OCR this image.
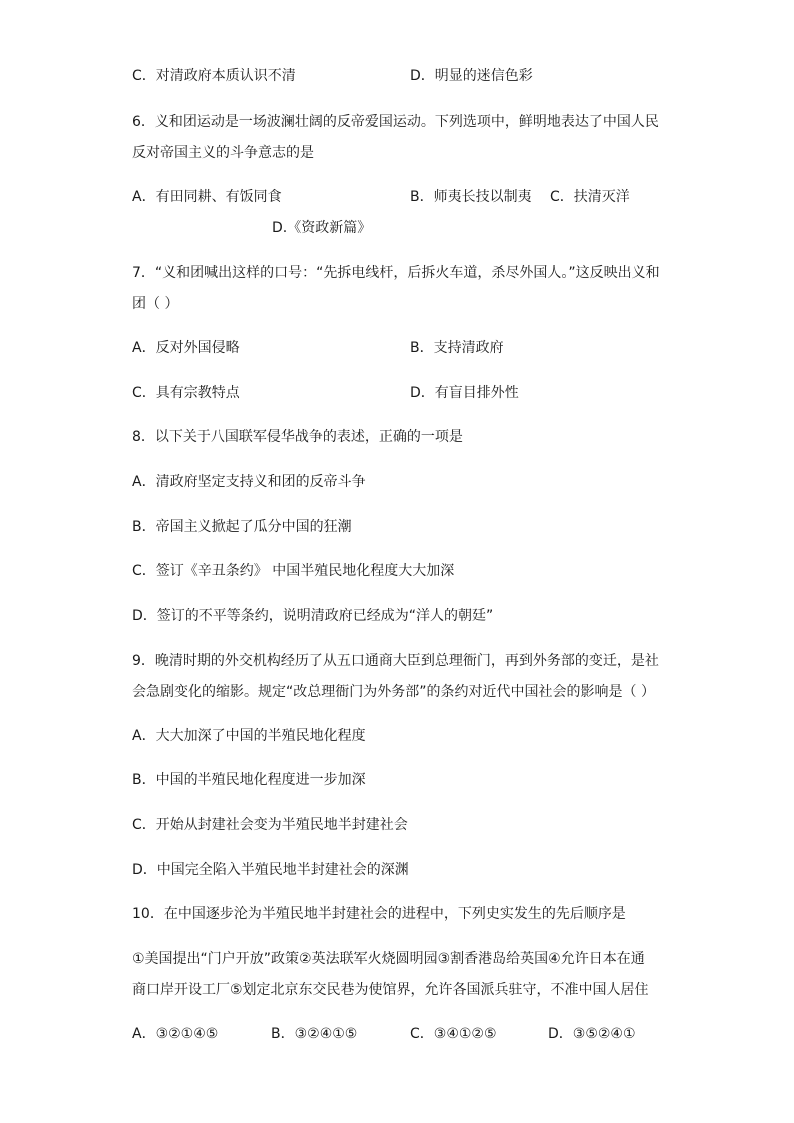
C．对清政府本质认识不清	D．明显的迷信色彩
6．义和团运动是一场波澜壮阔的反帝爱国运动。下列选项中，鲜明地表达了中国人民
反对帝国主义的斗争意志的是
A．有田同耕、有饭同食	B．师夷长技以制夷 C．扶清灭洋
D.《资政新篇》
7．“义和团喊出这样的口号：“先拆电线杆，后拆火车道，杀尽外国人。”这反映出义和
团（ ）
A．反对外国侵略	B．支持清政府
C．具有宗教特点	D．有盲目排外性
8．以下关于八国联军侵华战争的表述，正确的一项是
A．清政府坚定支持义和团的反帝斗争
B．帝国主义掀起了瓜分中国的狂潮
C．签订《辛丑条约》 中国半殖民地化程度大大加深
D．签订的不平等条约，说明清政府已经成为“洋人的朝廷”
9．晚清时期的外交机构经历了从五口通商大臣到总理衙门，再到外务部的变迁，是社
会急剧变化的缩影。规定“改总理衙门为外务部”的条约对近代中国社会的影响是（ ）
A．大大加深了中国的半殖民地化程度
B．中国的半殖民地化程度进一步加深
C．开始从封建社会变为半殖民地半封建社会
D．中国完全陷入半殖民地半封建社会的深渊
10．在中国逐步沦为半殖民地半封建社会的进程中，下列史实发生的先后顺序是
①美国提出“门户开放”政策②英法联军火烧圆明园③割香港岛给英国④允许日本在通
商口岸开设工厂⑤划定北京东交民巷为使馆界，允许各国派兵驻守，不准中国人居住
A．③②①④⑤	B．③②④①⑤	C．③④①②⑤	D．③⑤②④①
